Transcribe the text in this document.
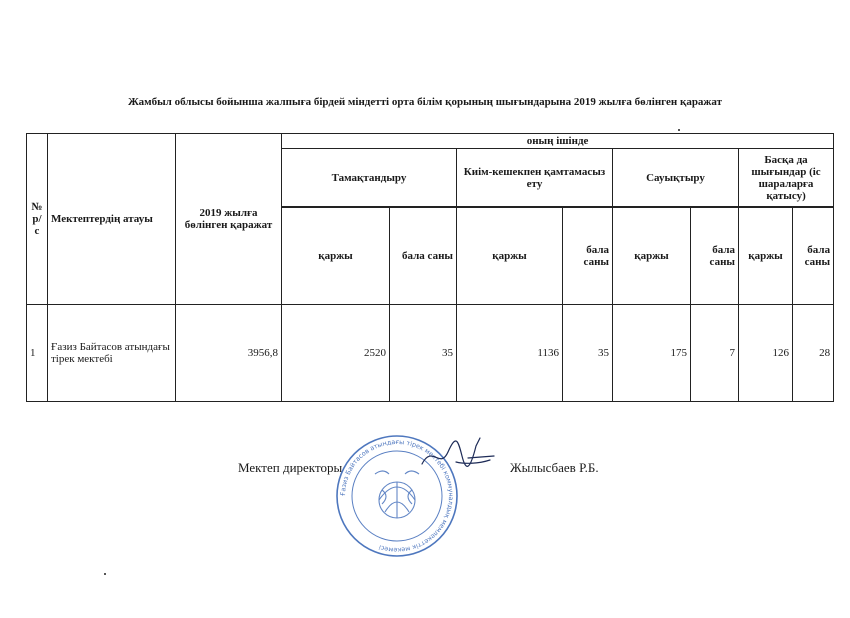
Жамбыл облысы бойынша жалпыға бірдей міндетті орта білім қорының шығындарына 2019 жылға бөлінген қаражат
№ р/с	Мектептердің атауы	2019 жылға бөлінген қаражат	оның ішінде							
			Тамақтандыру		Киім-кешекпен қамтамасыз ету		Сауықтыру		Басқа да шығындар (іс шараларға қатысу)	

			қаржы	бала саны	қаржы	бала саны	қаржы	бала саны	қаржы	бала саны
1	Ғазиз Байтасов атындағы тірек мектебі	3956,8	2520	35	1136	35	175	7	126	28
Мектеп директоры	Жылысбаев Р.Б.
Ғазиз Байтасов атындағы тірек мектебі коммуналдық мемлекеттік мекемесі
